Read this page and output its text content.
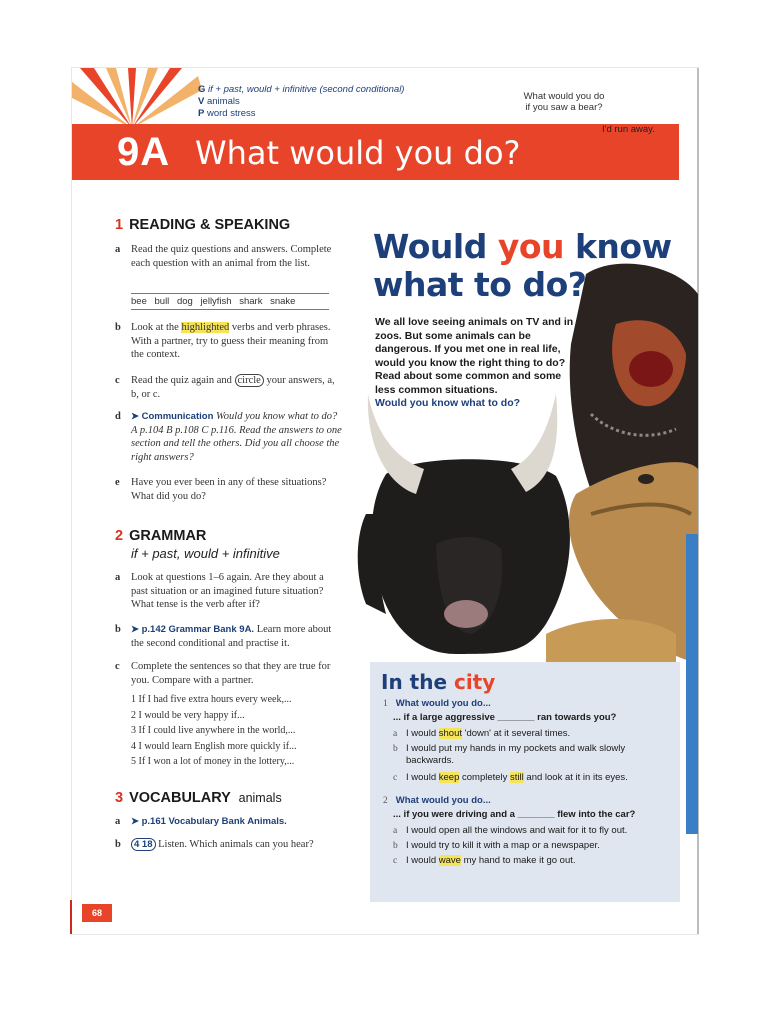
G if + past, would + infinitive (second conditional)
V animals
P word stress
What would you do if you saw a bear?
I'd run away.
9A What would you do?
1 READING & SPEAKING
a Read the quiz questions and answers. Complete each question with an animal from the list.
bee bull dog jellyfish shark snake
b Look at the highlighted verbs and verb phrases. With a partner, try to guess their meaning from the context.
c Read the quiz again and circle your answers, a, b, or c.
d ➤ Communication Would you know what to do? A p.104 B p.108 C p.116. Read the answers to one section and tell the others. Did you all choose the right answers?
e Have you ever been in any of these situations? What did you do?
2 GRAMMAR
if + past, would + infinitive
a Look at questions 1–6 again. Are they about a past situation or an imagined future situation? What tense is the verb after if?
b ➤ p.142 Grammar Bank 9A. Learn more about the second conditional and practise it.
c Complete the sentences so that they are true for you. Compare with a partner.
1 If I had five extra hours every week,...
2 I would be very happy if...
3 If I could live anywhere in the world,...
4 I would learn English more quickly if...
5 If I won a lot of money in the lottery,...
3 VOCABULARY animals
a ➤ p.161 Vocabulary Bank Animals.
b	4 18 Listen. Which animals can you hear?
68
Would you know what to do?
We all love seeing animals on TV and in zoos. But some animals can be dangerous. If you met one in real life, would you know the right thing to do? Read about some common and some less common situations.
Would you know what to do?
In the city
1 What would you do...
... if a large aggressive _______ ran towards you?
a I would shout 'down' at it several times.
b I would put my hands in my pockets and walk slowly backwards.
c I would keep completely still and look at it in its eyes.
2 What would you do...
... if you were driving and a _______ flew into the car?
a I would open all the windows and wait for it to fly out.
b I would try to kill it with a map or a newspaper.
c I would wave my hand to make it go out.
